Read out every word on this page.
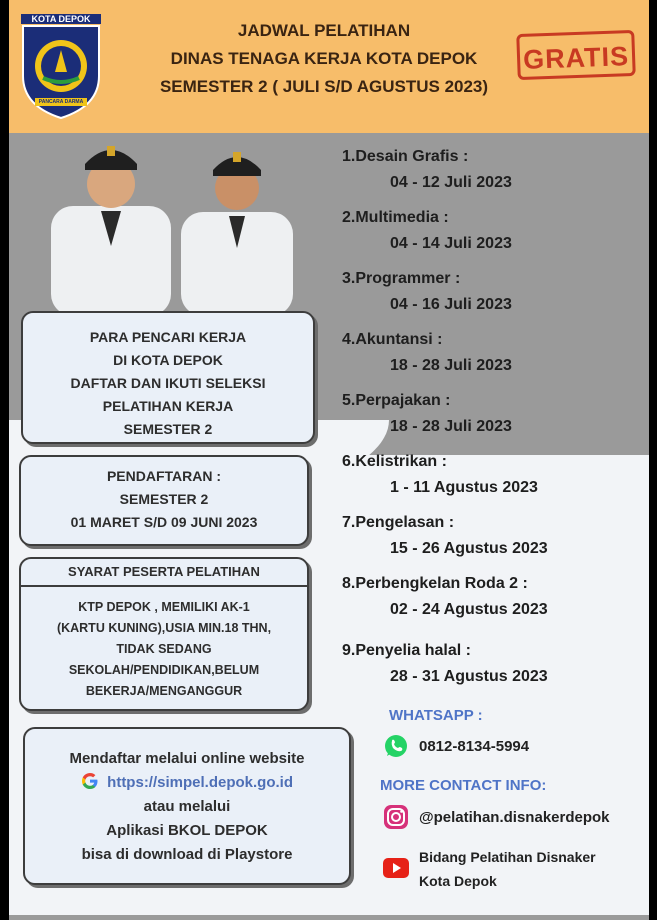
KOTA DEPOK
PANCARA DARMA
JADWAL PELATIHAN
DINAS TENAGA KERJA KOTA DEPOK
SEMESTER 2 ( JULI S/D AGUSTUS 2023)
GRATIS
PARA PENCARI KERJA
DI KOTA DEPOK
DAFTAR DAN IKUTI SELEKSI
PELATIHAN KERJA
SEMESTER 2
PENDAFTARAN :
SEMESTER 2
01 MARET S/D 09 JUNI 2023
SYARAT PESERTA PELATIHAN
KTP DEPOK , MEMILIKI AK-1
(KARTU KUNING),USIA MIN.18 THN,
TIDAK SEDANG
SEKOLAH/PENDIDIKAN,BELUM
BEKERJA/MENGANGGUR
Mendaftar melalui online website
https://simpel.depok.go.id
atau melalui
Aplikasi BKOL DEPOK
bisa di download di Playstore
1.Desain Grafis :
04 - 12 Juli 2023
2.Multimedia :
04 - 14 Juli 2023
3.Programmer :
04 - 16 Juli 2023
4.Akuntansi :
18 - 28 Juli 2023
5.Perpajakan :
18 - 28 Juli 2023
6.Kelistrikan :
1 - 11 Agustus 2023
7.Pengelasan :
15 - 26 Agustus 2023
8.Perbengkelan Roda 2 :
02 - 24 Agustus 2023
9.Penyelia halal :
28 - 31 Agustus 2023
WHATSAPP :
0812-8134-5994
MORE CONTACT INFO:
@pelatihan.disnakerdepok
Bidang Pelatihan Disnaker
Kota Depok
